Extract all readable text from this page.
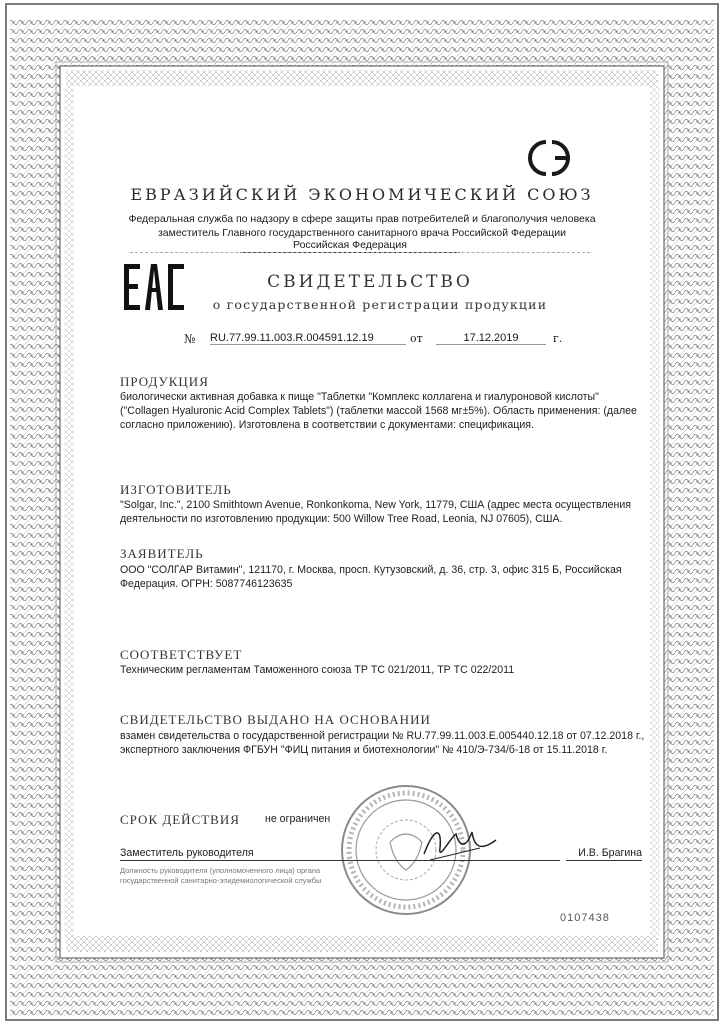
ЕВРАЗИЙСКИЙ ЭКОНОМИЧЕСКИЙ СОЮЗ
Федеральная служба по надзору в сфере защиты прав потребителей и благополучия человека
заместитель Главного государственного санитарного врача Российской Федерации
Российская Федерация
СВИДЕТЕЛЬСТВО
о государственной регистрации продукции
№ RU.77.99.11.003.R.004591.12.19	от	17.12.2019	г.
ПРОДУКЦИЯ
биологически активная добавка к пище "Таблетки "Комплекс коллагена и гиалуроновой кислоты" ("Collagen Hyaluronic Acid Complex Tablets") (таблетки массой 1568 мг±5%). Область применения: (далее согласно приложению). Изготовлена в соответствии с документами: спецификация.
ИЗГОТОВИТЕЛЬ
"Solgar, Inc.", 2100 Smithtown Avenue, Ronkonkoma, New York, 11779, США (адрес места осуществления деятельности по изготовлению продукции: 500 Willow Tree Road, Leonia, NJ 07605), США.
ЗАЯВИТЕЛЬ
ООО "СОЛГАР Витамин", 121170, г. Москва, просп. Кутузовский, д. 36, стр. 3, офис 315 Б, Российская Федерация. ОГРН: 5087746123635
СООТВЕТСТВУЕТ
Техническим регламентам Таможенного союза ТР ТС 021/2011, ТР ТС 022/2011
СВИДЕТЕЛЬСТВО ВЫДАНО НА ОСНОВАНИИ
взамен свидетельства о государственной регистрации № RU.77.99.11.003.E.005440.12.18 от 07.12.2018 г., экспертного заключения ФГБУН "ФИЦ питания и биотехнологии" № 410/Э-734/б-18 от 15.11.2018 г.
СРОК ДЕЙСТВИЯ не ограничен
Заместитель руководителя	И.В. Брагина
Должность руководителя (уполномоченного лица) органа государственной санитарно-эпидемиологической службы
0107438
